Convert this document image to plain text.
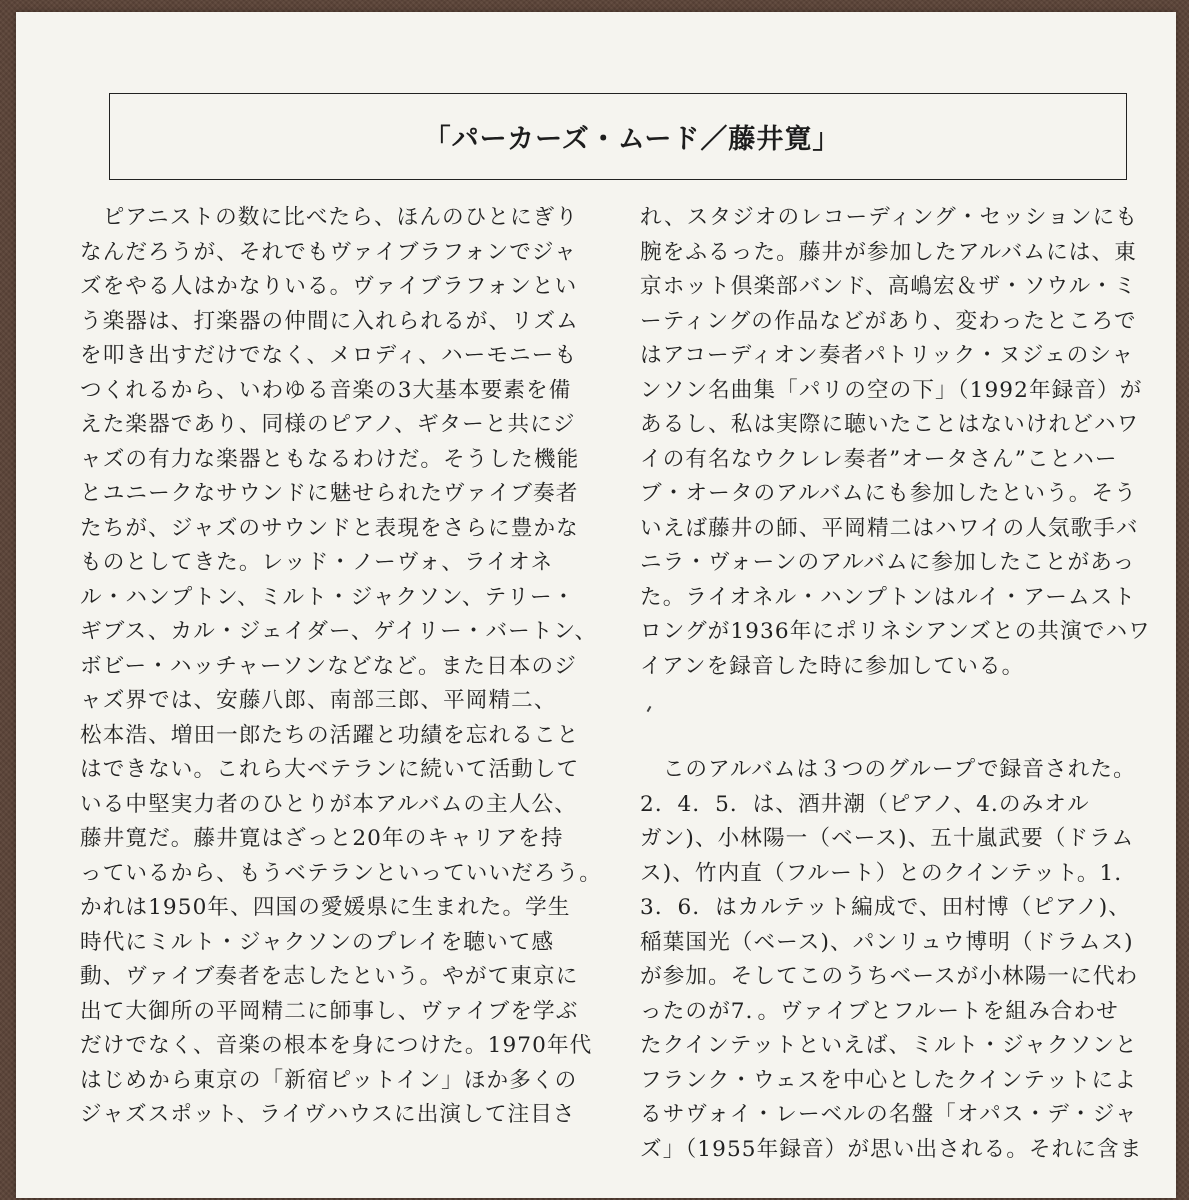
「パーカーズ・ムード／藤井寛」
　ピアニストの数に比べたら、ほんのひとにぎり
なんだろうが、それでもヴァイブラフォンでジャ
ズをやる人はかなりいる。ヴァイブラフォンとい
う楽器は、打楽器の仲間に入れられるが、リズム
を叩き出すだけでなく、メロディ、ハーモニーも
つくれるから、いわゆる音楽の3大基本要素を備
えた楽器であり、同様のピアノ、ギターと共にジ
ャズの有力な楽器ともなるわけだ。そうした機能
とユニークなサウンドに魅せられたヴァイブ奏者
たちが、ジャズのサウンドと表現をさらに豊かな
ものとしてきた。レッド・ノーヴォ、ライオネ
ル・ハンプトン、ミルト・ジャクソン、テリー・
ギブス、カル・ジェイダー、ゲイリー・バートン、
ボビー・ハッチャーソンなどなど。また日本のジ
ャズ界では、安藤八郎、南部三郎、平岡精二、
松本浩、増田一郎たちの活躍と功績を忘れること
はできない。これら大ベテランに続いて活動して
いる中堅実力者のひとりが本アルバムの主人公、
藤井寛だ。藤井寛はざっと20年のキャリアを持
っているから、もうベテランといっていいだろう。
かれは1950年、四国の愛媛県に生まれた。学生
時代にミルト・ジャクソンのプレイを聴いて感
動、ヴァイブ奏者を志したという。やがて東京に
出て大御所の平岡精二に師事し、ヴァイブを学ぶ
だけでなく、音楽の根本を身につけた。1970年代
はじめから東京の「新宿ピットイン」ほか多くの
ジャズスポット、ライヴハウスに出演して注目さ
れ、スタジオのレコーディング・セッションにも
腕をふるった。藤井が参加したアルバムには、東
京ホット倶楽部バンド、高嶋宏＆ザ・ソウル・ミ
ーティングの作品などがあり、変わったところで
はアコーディオン奏者パトリック・ヌジェのシャ
ンソン名曲集「パリの空の下」（1992年録音）が
あるし、私は実際に聴いたことはないけれどハワ
イの有名なウクレレ奏者”オータさん”ことハー
ブ・オータのアルバムにも参加したという。そう
いえば藤井の師、平岡精二はハワイの人気歌手バ
ニラ・ヴォーンのアルバムに参加したことがあっ
た。ライオネル・ハンプトンはルイ・アームスト
ロングが1936年にポリネシアンズとの共演でハワ
イアンを録音した時に参加している。
　このアルバムは３つのグループで録音された。
2．4．5．は、酒井潮（ピアノ、4.のみオル
ガン)、小林陽一（ベース)、五十嵐武要（ドラム
ス)、竹内直（フルート）とのクインテット。1．
3．6．はカルテット編成で、田村博（ピアノ)、
稲葉国光（ベース)、パンリュウ博明（ドラムス)
が参加。そしてこのうちベースが小林陽一に代わ
ったのが7．。ヴァイブとフルートを組み合わせ
たクインテットといえば、ミルト・ジャクソンと
フランク・ウェスを中心としたクインテットによ
るサヴォイ・レーベルの名盤「オパス・デ・ジャ
ズ」（1955年録音）が思い出される。それに含ま
